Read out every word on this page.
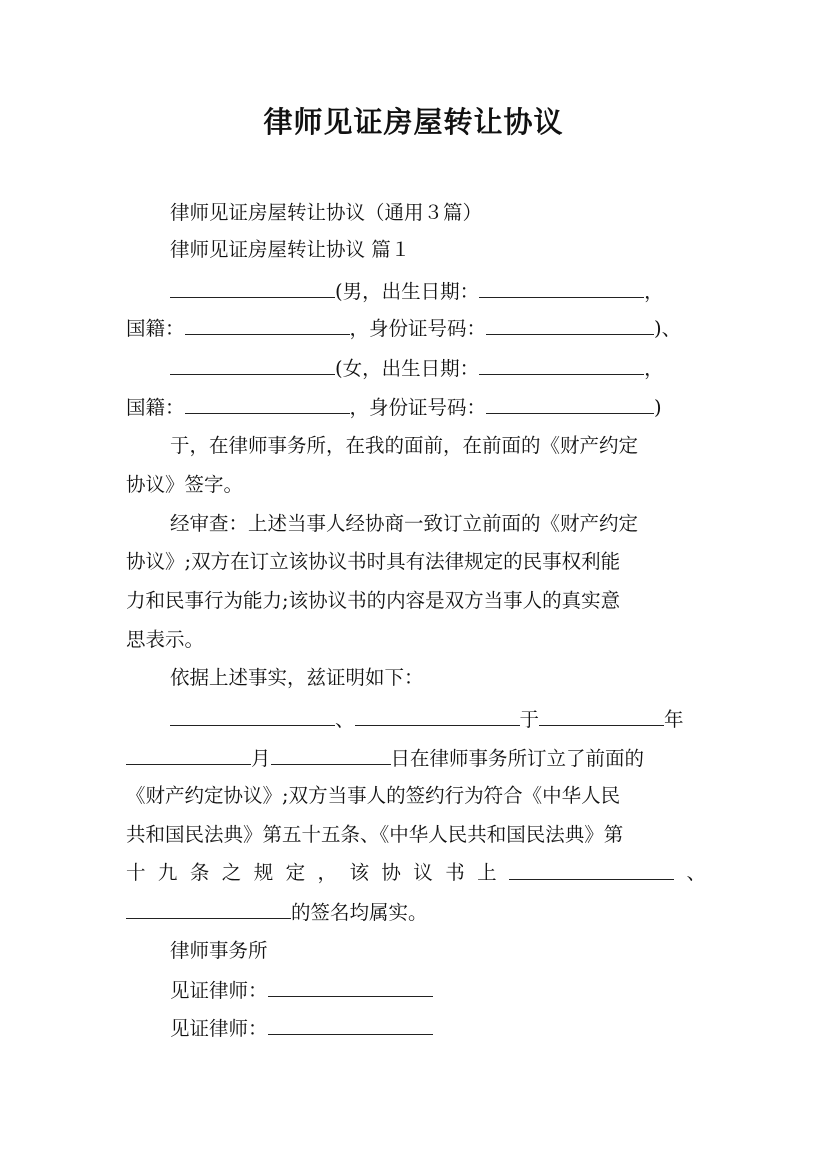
律师见证房屋转让协议
律师见证房屋转让协议（通用３篇）
律师见证房屋转让协议 篇１
(男，出生日期：	，
国籍：	，身份证号码：	)、
(女，出生日期：	，
国籍：	，身份证号码：	)
于，在律师事务所，在我的面前，在前面的《财产约定
协议》签字。
经审查：上述当事人经协商一致订立前面的《财产约定
协议》;双方在订立该协议书时具有法律规定的民事权利能
力和民事行为能力;该协议书的内容是双方当事人的真实意
思表示。
依据上述事实，兹证明如下：
、	于	年
月	日在律师事务所订立了前面的
《财产约定协议》;双方当事人的签约行为符合《中华人民
共和国民法典》第五十五条、《中华人民共和国民法典》第
十 九 条 之 规 定 ， 该 协 议 书 上	、
的签名均属实。
律师事务所
见证律师：
见证律师：
